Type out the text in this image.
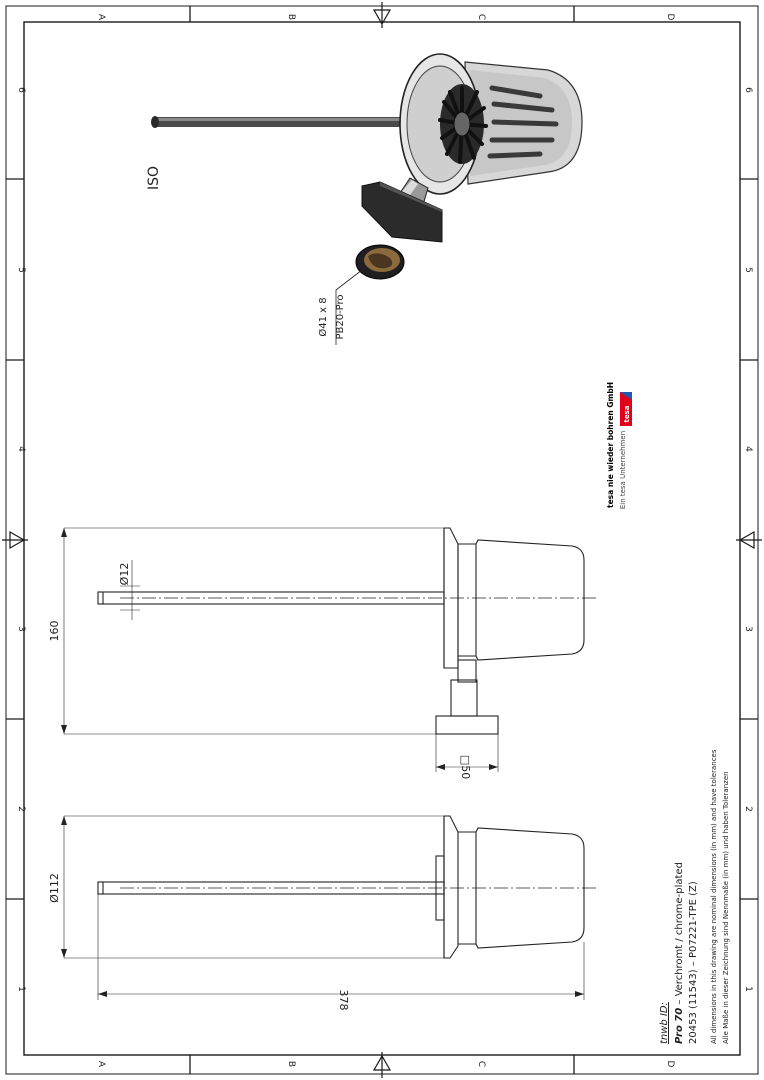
A	B	C	D
A	B	C	D
1
2
3
4
5
6
1
2
3
4
5
6
ISO
Ø41 x 8 PB20-Pro
tesa nie wieder bohren GmbH Ein tesa Unternehmen
tesa
Ø12
160
□50
Ø112
378
tnwb ID: Pro 70 – Verchromt / chrome-plated 20453 (11543) – P07221-TPE (Z) All dimensions in this drawing are nominal dimensions (in mm) and have tolerances Alle Maße in dieser Zeichnung sind Nennmaße (in mm) und haben Toleranzen
